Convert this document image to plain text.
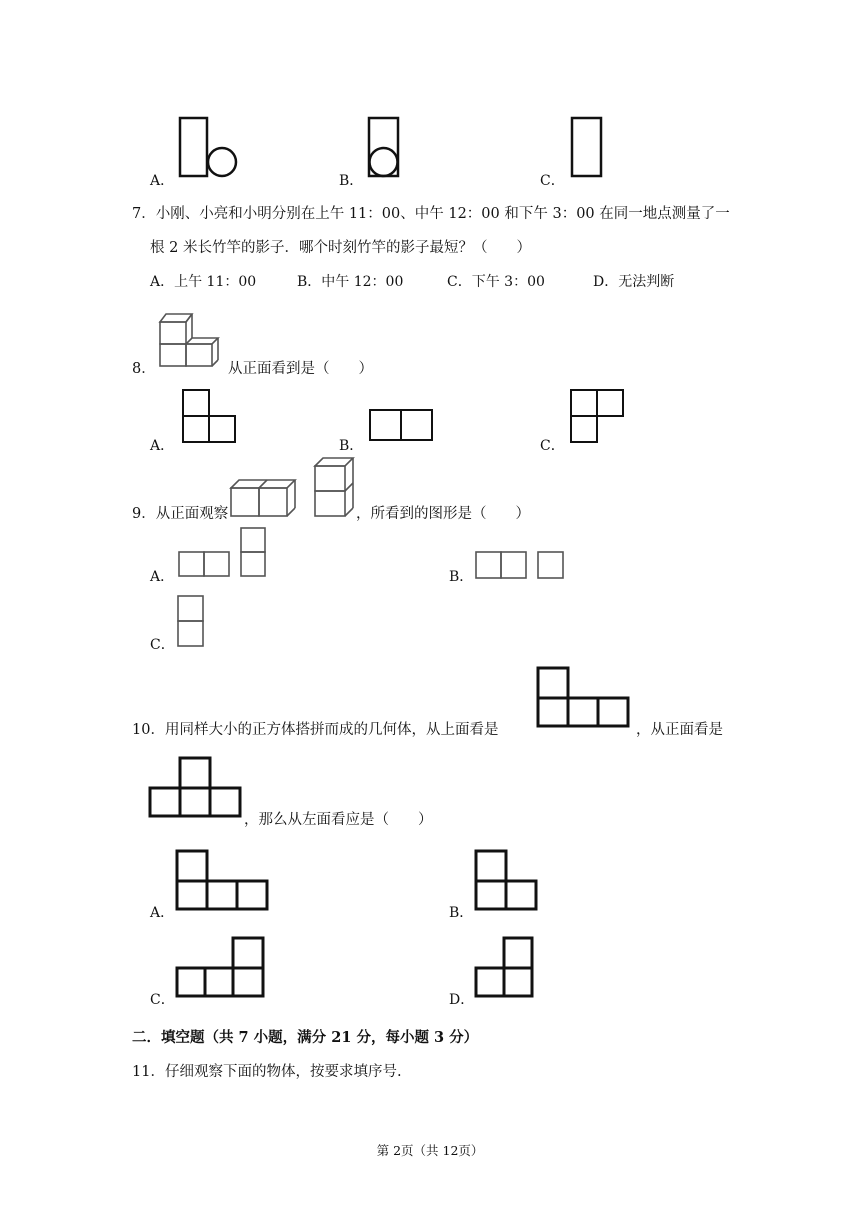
A．	B．	C．
7．小刚、小亮和小明分别在上午 11：00、中午 12：00 和下午 3：00 在同一地点测量了一
根 2 米长竹竿的影子．哪个时刻竹竿的影子最短？（　　）
A．上午 11：00	B．中午 12：00	C．下午 3：00	D．无法判断
8．	从正面看到是（　　）
A．	B．	C．
9．从正面观察	，所看到的图形是（　　）
A．	B．
C．
10．用同样大小的正方体搭拼而成的几何体，从上面看是	，从正面看是
，那么从左面看应是（　　）
A．	B．
C．	D．
二．填空题（共 7 小题，满分 21 分，每小题 3 分）
11．仔细观察下面的物体，按要求填序号.
第 2页（共 12页）
